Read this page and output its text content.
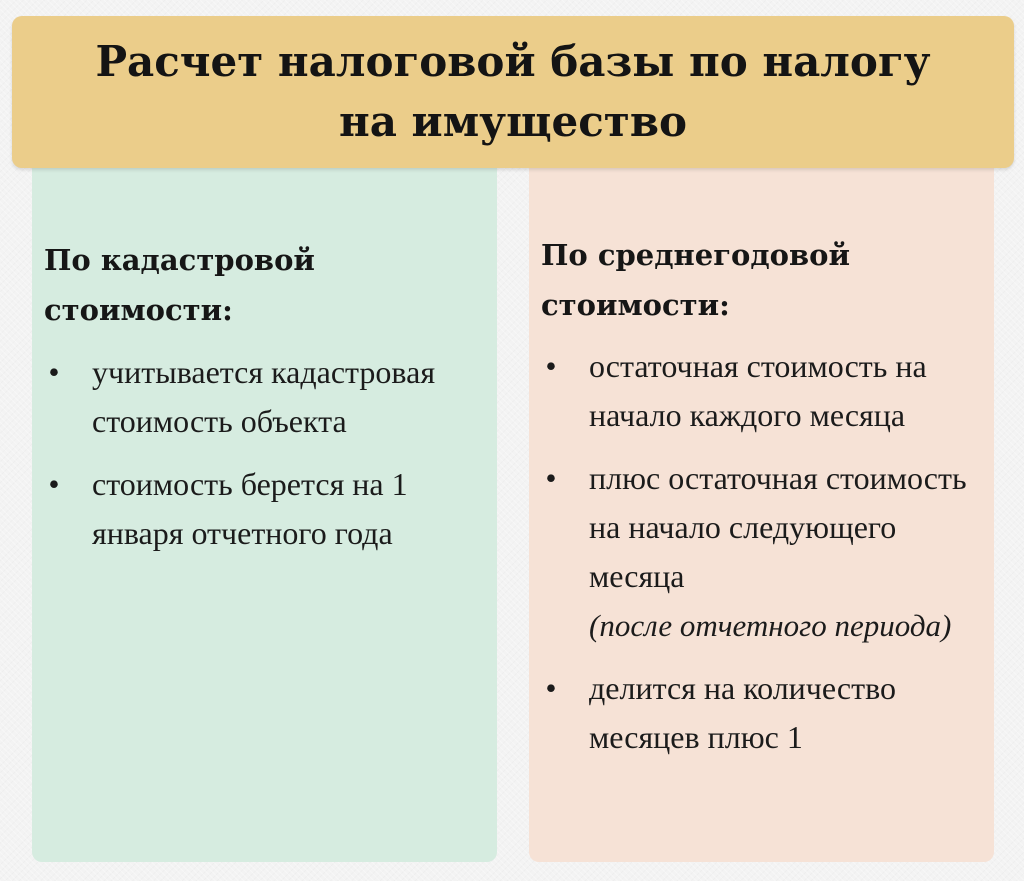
Расчет налоговой базы по налогу на имущество
По кадастровой стоимости:
• учитывается кадастровая стоимость объекта
• стоимость берется на 1 января отчетного года
По среднегодовой стоимости:
• остаточная стоимость на начало каждого месяца
• плюс остаточная стоимость на начало следующего месяца
(после отчетного периода)
• делится на количество месяцев плюс 1
